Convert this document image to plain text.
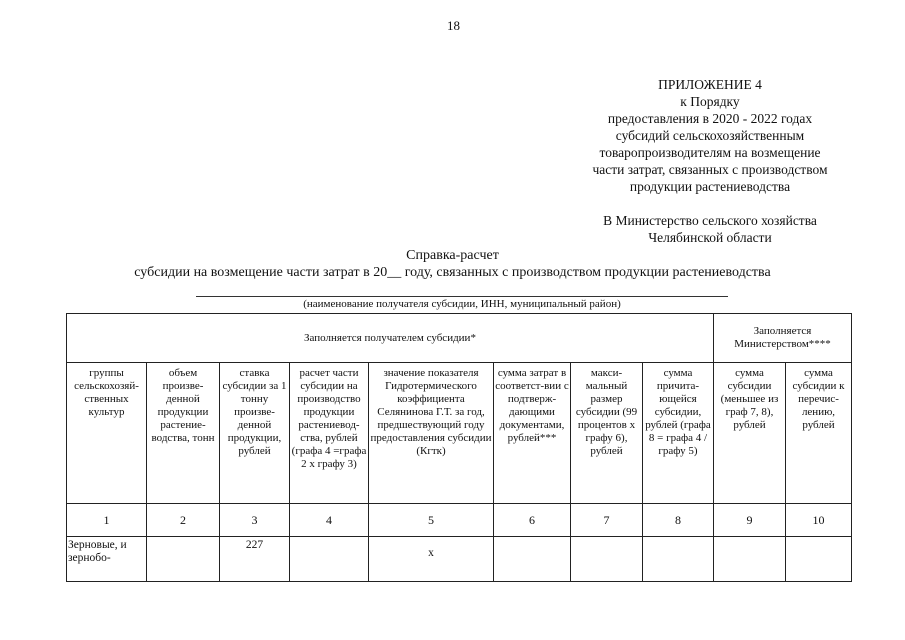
18
ПРИЛОЖЕНИЕ 4
к Порядку
предоставления в 2020 - 2022 годах
субсидий сельскохозяйственным
товаропроизводителям на возмещение
части затрат, связанных с производством
продукции растениеводства
В Министерство сельского хозяйства
Челябинской области
Справка-расчет
субсидии на возмещение части затрат в 20__ году, связанных с производством продукции растениеводства
(наименование получателя субсидии, ИНН, муниципальный район)
Заполняется получателем субсидии*								Заполняется Министерством****	
группы сельскохозяй-ственных культур	объем произве-денной продукции растение-водства, тонн	ставка субсидии за 1 тонну произве-денной продукции, рублей	расчет части субсидии на производство продукции растениевод-ства, рублей (графа 4 =графа 2 х графу 3)	значение показателя Гидротермического коэффициента Селянинова Г.Т. за год, предшествующий году предоставления субсидии (Кгтк)	сумма затрат в соответст-вии с подтверж-дающими документами, рублей***	макси-мальный размер субсидии (99 процентов х графу 6), рублей	сумма причита-ющейся субсидии, рублей (графа 8 = графа 4 / графу 5)	сумма субсидии (меньшее из граф 7, 8), рублей	сумма субсидии к перечис-лению, рублей
1	2	3	4	5	6	7	8	9	10
Зерновые, и зернобо-		227		х					
